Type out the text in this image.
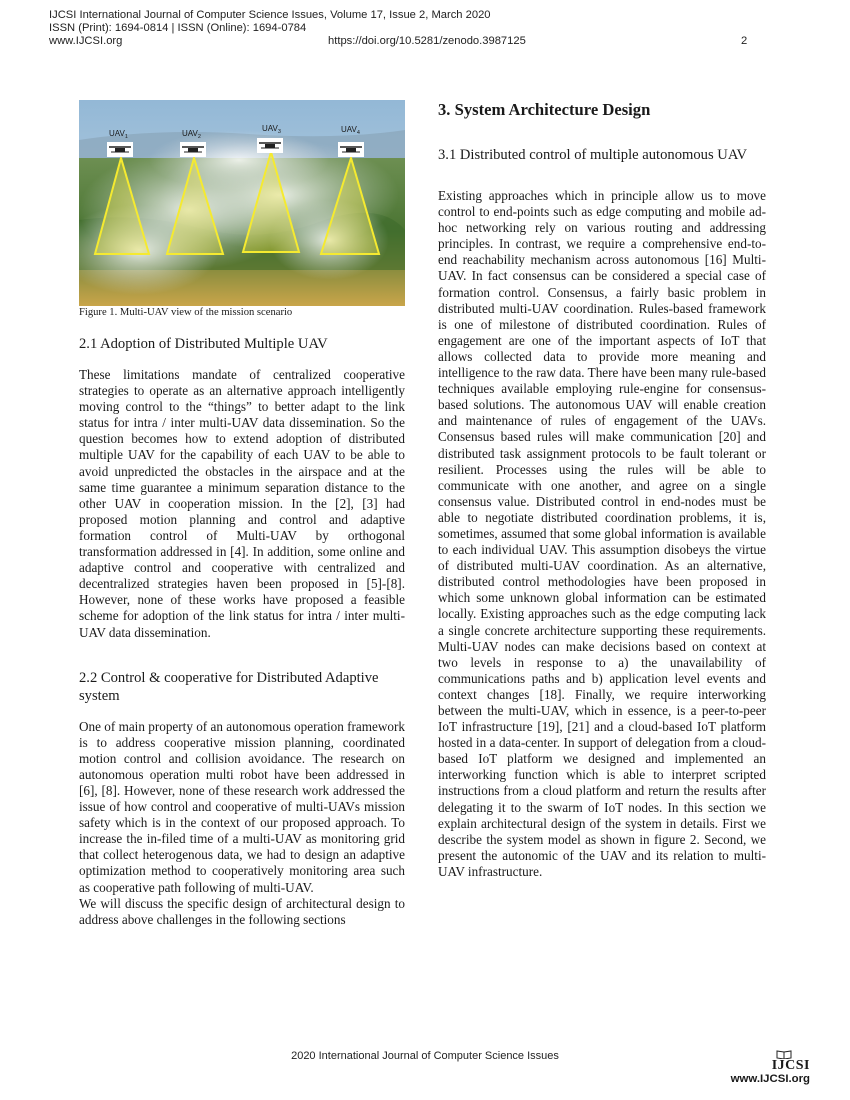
IJCSI International Journal of Computer Science Issues, Volume 17, Issue 2, March 2020
ISSN (Print): 1694-0814 | ISSN (Online): 1694-0784
www.IJCSI.org	https://doi.org/10.5281/zenodo.3987125	2
$UAV_1$	$UAV_2$
$UAV_3$	$UAV_4$
Figure 1. Multi-UAV view of the mission scenario
2.1 Adoption of Distributed Multiple UAV

These limitations mandate of centralized cooperative strategies to operate as an alternative approach intelligently moving control to the “things” to better adapt to the link status for intra / inter multi-UAV data dissemination. So the question becomes how to extend adoption of distributed multiple UAV for the capability of each UAV to be able to avoid unpredicted the obstacles in the airspace and at the same time guarantee a minimum separation distance to the other UAV in cooperation mission. In the [2], [3] had proposed motion planning and control and adaptive formation control of Multi-UAV by orthogonal transformation addressed in [4]. In addition, some online and adaptive control and cooperative with centralized and decentralized strategies haven been proposed in [5]-[8]. However, none of these works have proposed a feasible scheme for adoption of the link status for intra / inter multi-UAV data dissemination.

2.2 Control & cooperative for Distributed Adaptive system

One of main property of an autonomous operation framework is to address cooperative mission planning, coordinated motion control and collision avoidance. The research on autonomous operation multi robot have been addressed in [6], [8]. However, none of these research work addressed the issue of how control and cooperative of multi-UAVs mission safety which is in the context of our proposed approach. To increase the in-filed time of a multi-UAV as monitoring grid that collect heterogenous data, we had to design an adaptive optimization method to cooperatively monitoring area such as cooperative path following of multi-UAV.

We will discuss the specific design of architectural design to address above challenges in the following sections

3. System Architecture Design
3.1 Distributed control of multiple autonomous UAV

Existing approaches which in principle allow us to move control to end-points such as edge computing and mobile ad-hoc networking rely on various routing and addressing principles. In contrast, we require a comprehensive end-to-end reachability mechanism across autonomous [16] Multi-UAV. In fact consensus can be considered a special case of formation control. Consensus, a fairly basic problem in distributed multi-UAV coordination. Rules-based framework is one of milestone of distributed coordination. Rules of engagement are one of the important aspects of IoT that allows collected data to provide more meaning and intelligence to the raw data. There have been many rule-based techniques available employing rule-engine for consensus- based solutions. The autonomous UAV will enable creation and maintenance of rules of engagement of the UAVs. Consensus based rules will make communication [20] and distributed task assignment protocols to be fault tolerant or resilient. Processes using the rules will be able to communicate with one another, and agree on a single consensus value. Distributed control in end-nodes must be able to negotiate distributed coordination problems, it is, sometimes, assumed that some global information is available to each individual UAV. This assumption disobeys the virtue of distributed multi-UAV coordination. As an alternative, distributed control methodologies have been proposed in which some unknown global information can be estimated locally. Existing approaches such as the edge computing lack a single concrete architecture supporting these requirements. Multi-UAV nodes can make decisions based on context at two levels in response to a) the unavailability of communications paths and b) application level events and context changes [18]. Finally, we require interworking between the multi-UAV, which in essence, is a peer-to-peer IoT infrastructure [19], [21] and a cloud-based IoT platform hosted in a data-center. In support of delegation from a cloud-based IoT platform we designed and implemented an interworking function which is able to interpret scripted instructions from a cloud platform and return the results after delegating it to the swarm of IoT nodes. In this section we explain architectural design of the system in details. First we describe the system model as shown in figure 2. Second, we present the autonomic of the UAV and its relation to multi-UAV infrastructure.

2020 International Journal of Computer Science Issues
IJCSI
www.IJCSI.org
